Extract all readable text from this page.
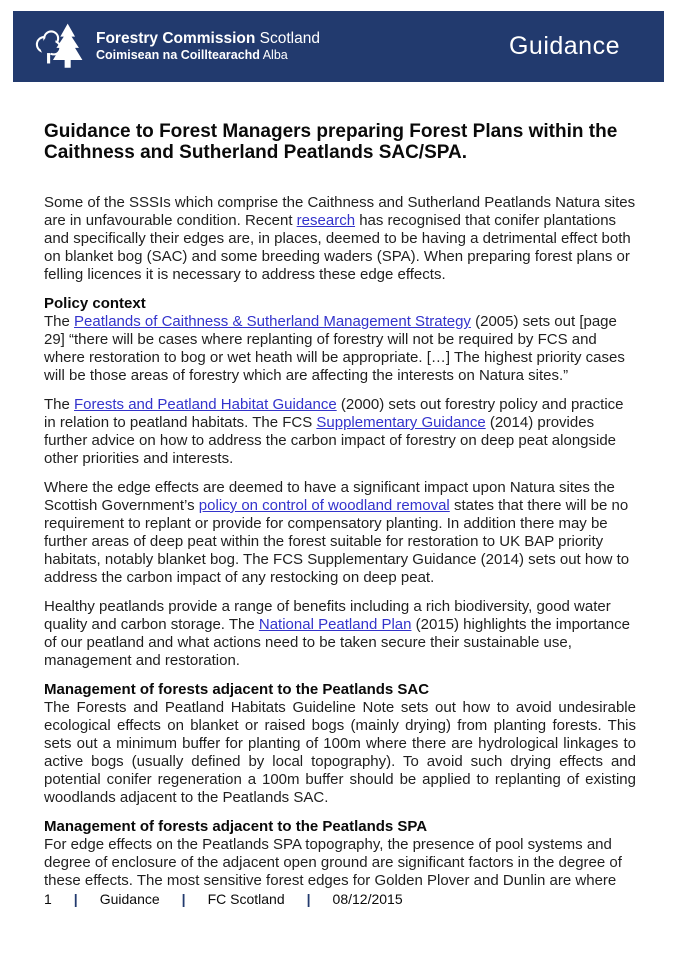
Forestry Commission Scotland
Coimisean na Coilltearachd Alba	Guidance
Guidance to Forest Managers preparing Forest Plans within the Caithness and Sutherland Peatlands SAC/SPA.

Some of the SSSIs which comprise the Caithness and Sutherland Peatlands Natura sites are in unfavourable condition. Recent research has recognised that conifer plantations and specifically their edges are, in places, deemed to be having a detrimental effect both on blanket bog (SAC) and some breeding waders (SPA). When preparing forest plans or felling licences it is necessary to address these edge effects.

Policy context

The Peatlands of Caithness & Sutherland Management Strategy (2005) sets out [page 29] “there will be cases where replanting of forestry will not be required by FCS and where restoration to bog or wet heath will be appropriate. […] The highest priority cases will be those areas of forestry which are affecting the interests on Natura sites.”

The Forests and Peatland Habitat Guidance (2000) sets out forestry policy and practice in relation to peatland habitats. The FCS Supplementary Guidance (2014) provides further advice on how to address the carbon impact of forestry on deep peat alongside other priorities and interests.

Where the edge effects are deemed to have a significant impact upon Natura sites the Scottish Government’s policy on control of woodland removal states that there will be no requirement to replant or provide for compensatory planting. In addition there may be further areas of deep peat within the forest suitable for restoration to UK BAP priority habitats, notably blanket bog. The FCS Supplementary Guidance (2014) sets out how to address the carbon impact of any restocking on deep peat.

Healthy peatlands provide a range of benefits including a rich biodiversity, good water quality and carbon storage. The National Peatland Plan (2015) highlights the importance of our peatland and what actions need to be taken secure their sustainable use, management and restoration.

Management of forests adjacent to the Peatlands SAC

The Forests and Peatland Habitats Guideline Note sets out how to avoid undesirable ecological effects on blanket or raised bogs (mainly drying) from planting forests. This sets out a minimum buffer for planting of 100m where there are hydrological linkages to active bogs (usually defined by local topography). To avoid such drying effects and potential conifer regeneration a 100m buffer should be applied to replanting of existing woodlands adjacent to the Peatlands SAC.

Management of forests adjacent to the Peatlands SPA

For edge effects on the Peatlands SPA topography, the presence of pool systems and degree of enclosure of the adjacent open ground are significant factors in the degree of these effects. The most sensitive forest edges for Golden Plover and Dunlin are where

1 | Guidance | FC Scotland | 08/12/2015
